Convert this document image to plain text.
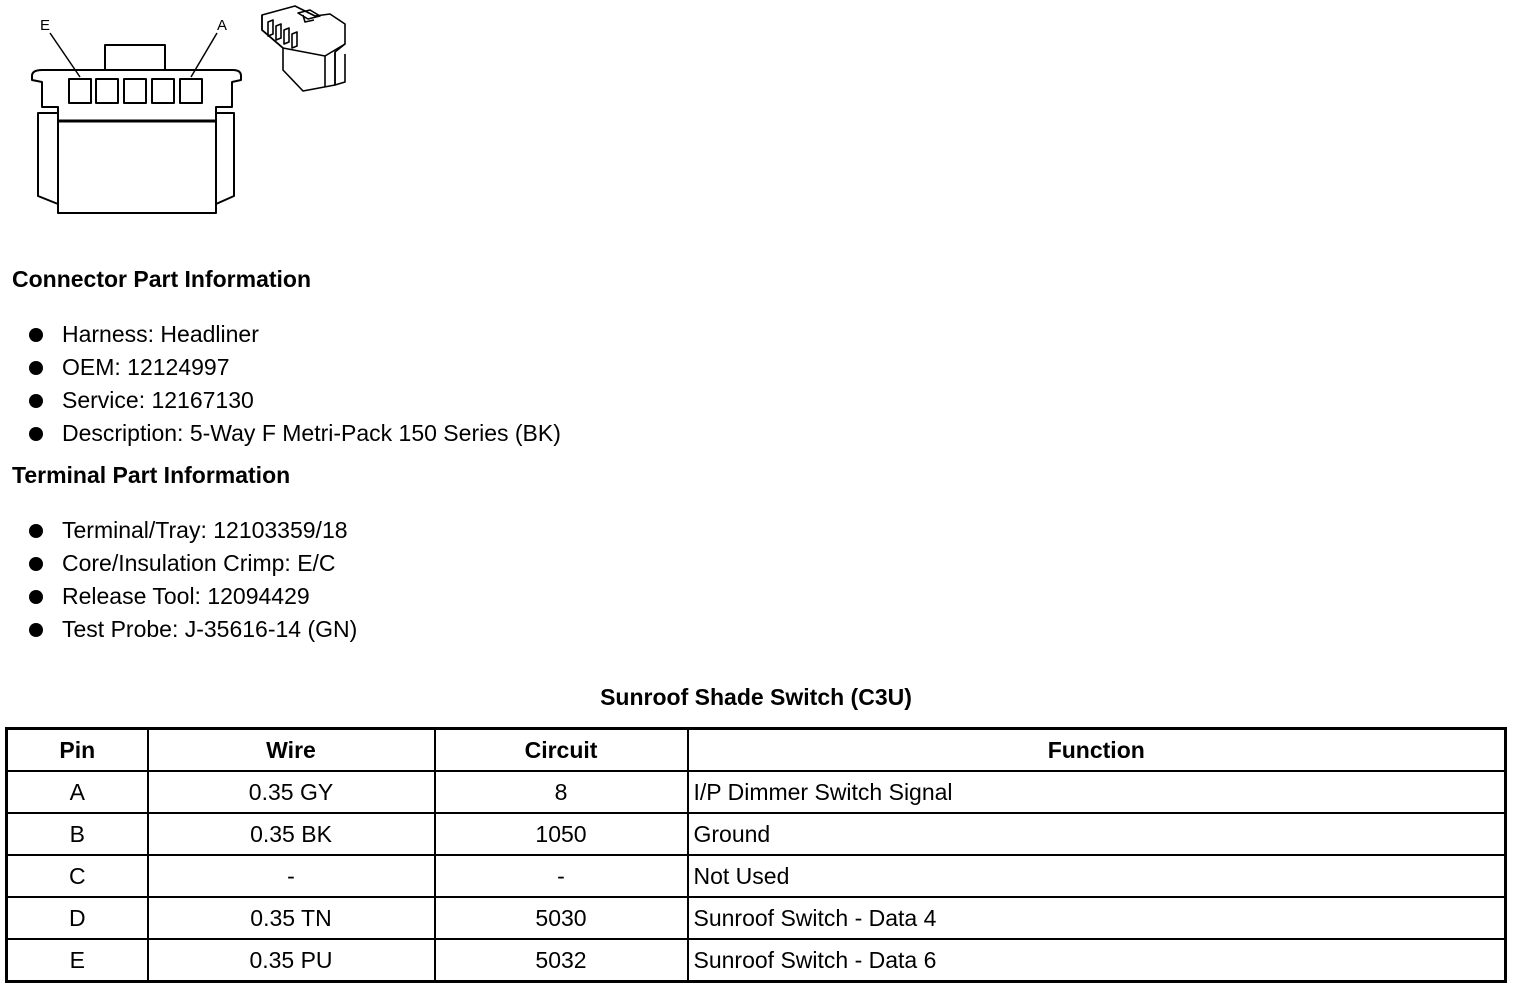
E	A
Connector Part Information
Harness: Headliner
OEM: 12124997
Service: 12167130
Description: 5-Way F Metri-Pack 150 Series (BK)
Terminal Part Information
Terminal/Tray: 12103359/18
Core/Insulation Crimp: E/C
Release Tool: 12094429
Test Probe: J-35616-14 (GN)
Sunroof Shade Switch (C3U)
Pin	Wire	Circuit	Function
A	0.35 GY	8	I/P Dimmer Switch Signal
B	0.35 BK	1050	Ground
C	-	-	Not Used
D	0.35 TN	5030	Sunroof Switch - Data 4
E	0.35 PU	5032	Sunroof Switch - Data 6
